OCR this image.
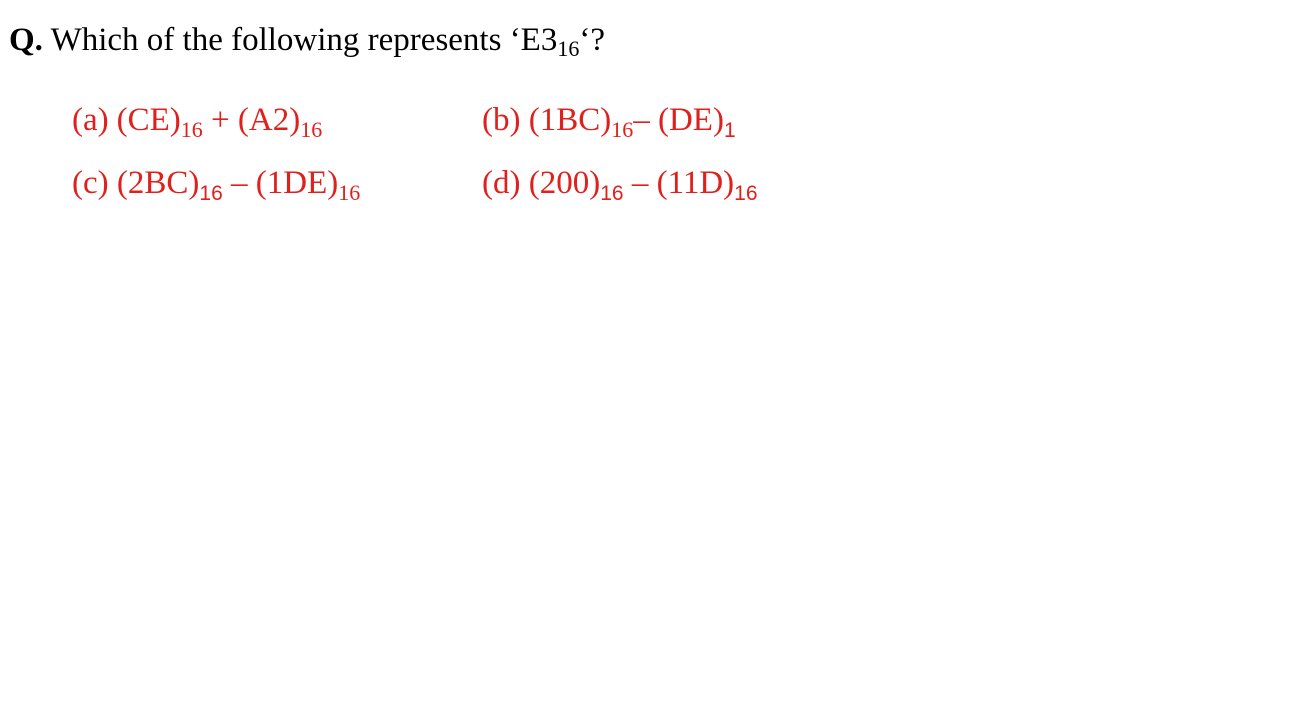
Q. Which of the following represents ‘$E3_{16}‘$?
(a) $(CE)_{16} + (A2)_{16}$	(b) $(1BC)_{16}-$ $(DE)_1$
(c) $(2BC)_{16} - (1DE)_{16}$	(d) $(200)_{16} - (11D)_{16}$
